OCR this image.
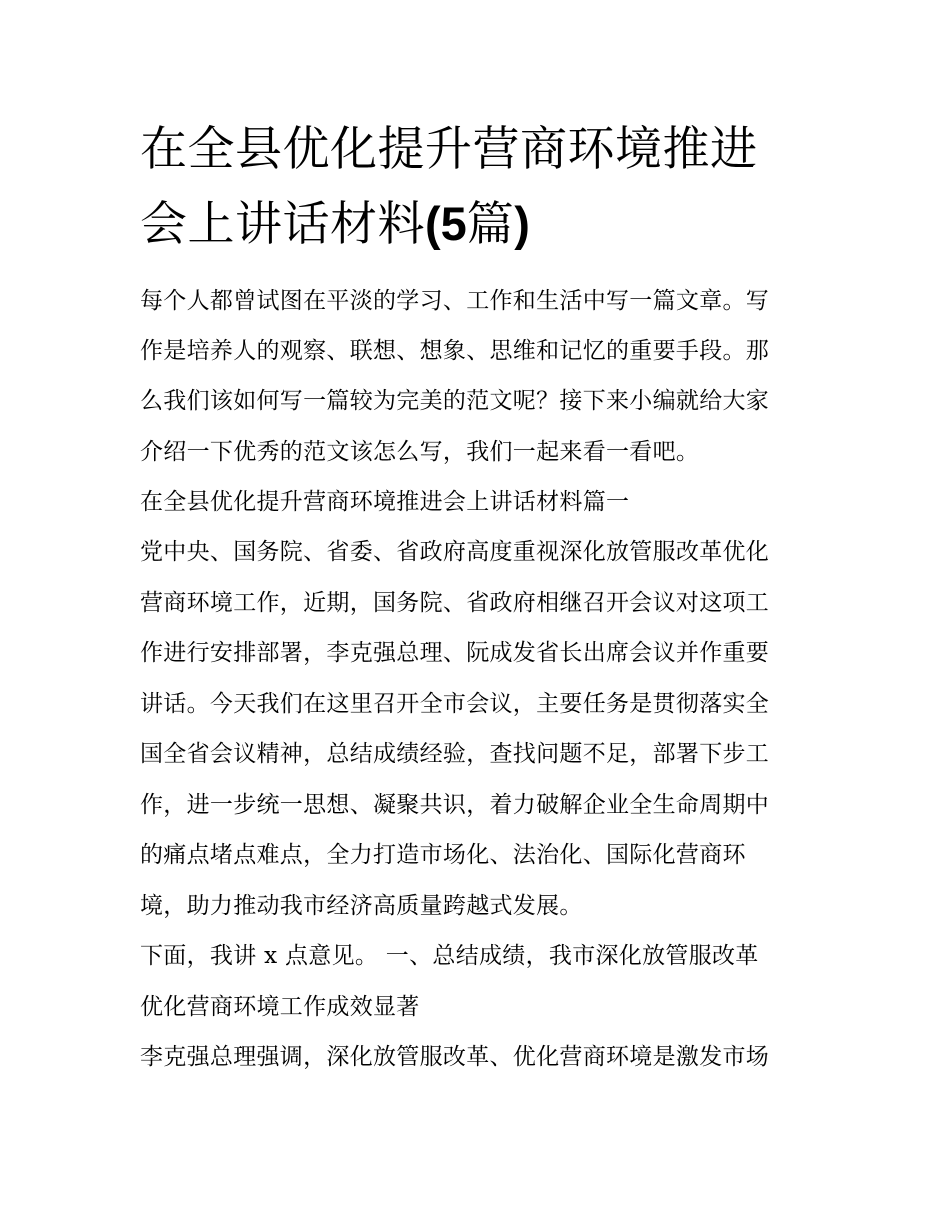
在全县优化提升营商环境推进
会上讲话材料(5篇)

每个人都曾试图在平淡的学习、工作和生活中写一篇文章。写

作是培养人的观察、联想、想象、思维和记忆的重要手段。那

么我们该如何写一篇较为完美的范文呢？接下来小编就给大家

介绍一下优秀的范文该怎么写，我们一起来看一看吧。

在全县优化提升营商环境推进会上讲话材料篇一

党中央、国务院、省委、省政府高度重视深化放管服改革优化

营商环境工作，近期，国务院、省政府相继召开会议对这项工

作进行安排部署，李克强总理、阮成发省长出席会议并作重要

讲话。今天我们在这里召开全市会议，主要任务是贯彻落实全

国全省会议精神，总结成绩经验，查找问题不足，部署下步工

作，进一步统一思想、凝聚共识，着力破解企业全生命周期中

的痛点堵点难点，全力打造市场化、法治化、国际化营商环

境，助力推动我市经济高质量跨越式发展。

下面，我讲 x 点意见。 一、总结成绩，我市深化放管服改革

优化营商环境工作成效显著

李克强总理强调，深化放管服改革、优化营商环境是激发市场
